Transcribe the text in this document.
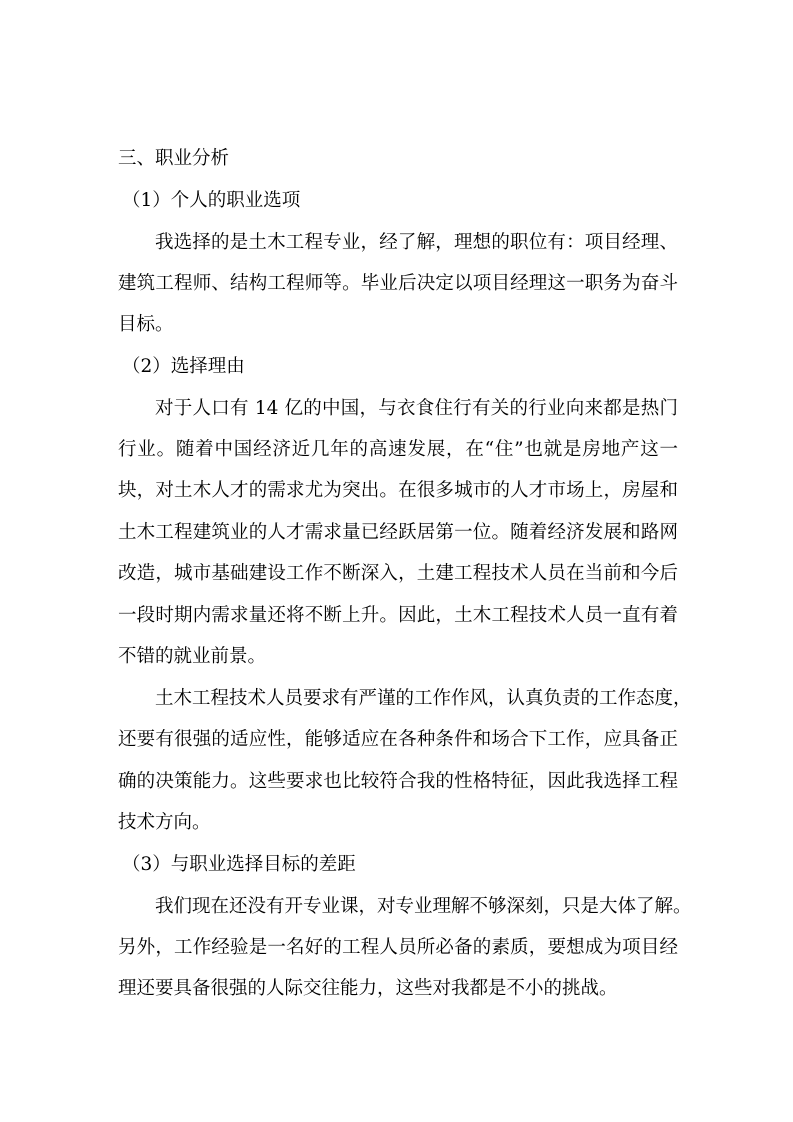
三、职业分析
（1）个人的职业选项
我选择的是土木工程专业，经了解，理想的职位有：项目经理、
建筑工程师、结构工程师等。毕业后决定以项目经理这一职务为奋斗
目标。
（2）选择理由
对于人口有 14 亿的中国，与衣食住行有关的行业向来都是热门
行业。随着中国经济近几年的高速发展，在“住”也就是房地产这一
块，对土木人才的需求尤为突出。在很多城市的人才市场上，房屋和
土木工程建筑业的人才需求量已经跃居第一位。随着经济发展和路网
改造，城市基础建设工作不断深入，土建工程技术人员在当前和今后
一段时期内需求量还将不断上升。因此，土木工程技术人员一直有着
不错的就业前景。
土木工程技术人员要求有严谨的工作作风，认真负责的工作态度，
还要有很强的适应性，能够适应在各种条件和场合下工作，应具备正
确的决策能力。这些要求也比较符合我的性格特征，因此我选择工程
技术方向。
（3）与职业选择目标的差距
我们现在还没有开专业课，对专业理解不够深刻，只是大体了解。
另外，工作经验是一名好的工程人员所必备的素质，要想成为项目经
理还要具备很强的人际交往能力，这些对我都是不小的挑战。
